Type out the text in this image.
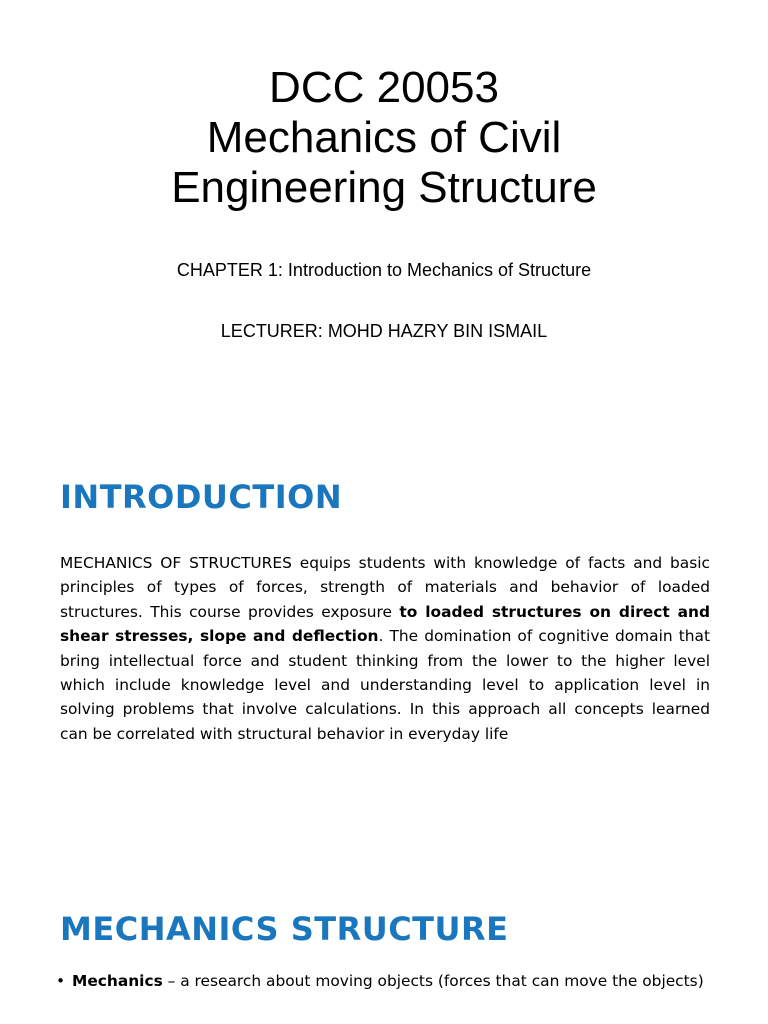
DCC 20053

Mechanics of Civil

Engineering Structure

CHAPTER 1: Introduction to Mechanics of Structure
LECTURER: MOHD HAZRY BIN ISMAIL
INTRODUCTION

MECHANICS OF STRUCTURES equips students with knowledge of facts and basic principles of types of forces, strength of materials and behavior of loaded structures. This course provides exposure to loaded structures on direct and shear stresses, slope and deflection. The domination of cognitive domain that bring intellectual force and student thinking from the lower to the higher level which include knowledge level and understanding level to application level in solving problems that involve calculations. In this approach all concepts learned can be correlated with structural behavior in everyday life

MECHANICS STRUCTURE
• Mechanics – a research about moving objects (forces that can move the objects)
